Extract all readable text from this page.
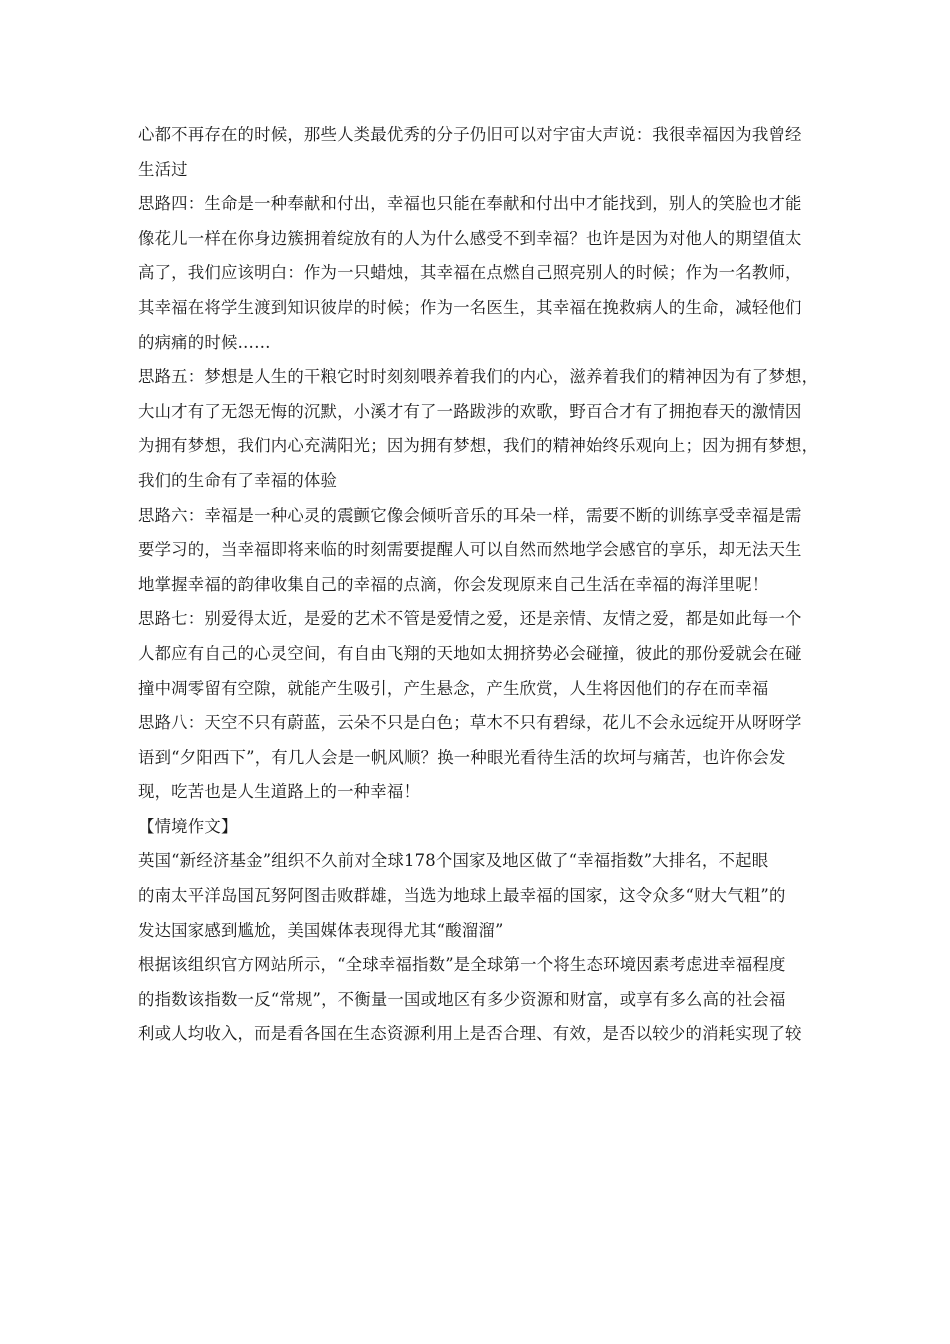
心都不再存在的时候，那些人类最优秀的分子仍旧可以对宇宙大声说：我很幸福因为我曾经
生活过
思路四：生命是一种奉献和付出，幸福也只能在奉献和付出中才能找到，别人的笑脸也才能
像花儿一样在你身边簇拥着绽放有的人为什么感受不到幸福？也许是因为对他人的期望值太
高了，我们应该明白：作为一只蜡烛，其幸福在点燃自己照亮别人的时候；作为一名教师，
其幸福在将学生渡到知识彼岸的时候；作为一名医生，其幸福在挽救病人的生命，减轻他们
的病痛的时候……
思路五：梦想是人生的干粮它时时刻刻喂养着我们的内心，滋养着我们的精神因为有了梦想，
大山才有了无怨无悔的沉默，小溪才有了一路跋涉的欢歌，野百合才有了拥抱春天的激情因
为拥有梦想，我们内心充满阳光；因为拥有梦想，我们的精神始终乐观向上；因为拥有梦想，
我们的生命有了幸福的体验
思路六：幸福是一种心灵的震颤它像会倾听音乐的耳朵一样，需要不断的训练享受幸福是需
要学习的，当幸福即将来临的时刻需要提醒人可以自然而然地学会感官的享乐，却无法天生
地掌握幸福的韵律收集自己的幸福的点滴，你会发现原来自己生活在幸福的海洋里呢！
思路七：别爱得太近，是爱的艺术不管是爱情之爱，还是亲情、友情之爱，都是如此每一个
人都应有自己的心灵空间，有自由飞翔的天地如太拥挤势必会碰撞，彼此的那份爱就会在碰
撞中凋零留有空隙，就能产生吸引，产生悬念，产生欣赏，人生将因他们的存在而幸福
思路八：天空不只有蔚蓝，云朵不只是白色；草木不只有碧绿，花儿不会永远绽开从呀呀学
语到“夕阳西下”，有几人会是一帆风顺？换一种眼光看待生活的坎坷与痛苦，也许你会发
现，吃苦也是人生道路上的一种幸福！
【情境作文】
英国“新经济基金”组织不久前对全球178个国家及地区做了“幸福指数”大排名，不起眼
的南太平洋岛国瓦努阿图击败群雄，当选为地球上最幸福的国家，这令众多“财大气粗”的
发达国家感到尴尬，美国媒体表现得尤其“酸溜溜”
根据该组织官方网站所示，“全球幸福指数”是全球第一个将生态环境因素考虑进幸福程度
的指数该指数一反“常规”，不衡量一国或地区有多少资源和财富，或享有多么高的社会福
利或人均收入，而是看各国在生态资源利用上是否合理、有效，是否以较少的消耗实现了较
